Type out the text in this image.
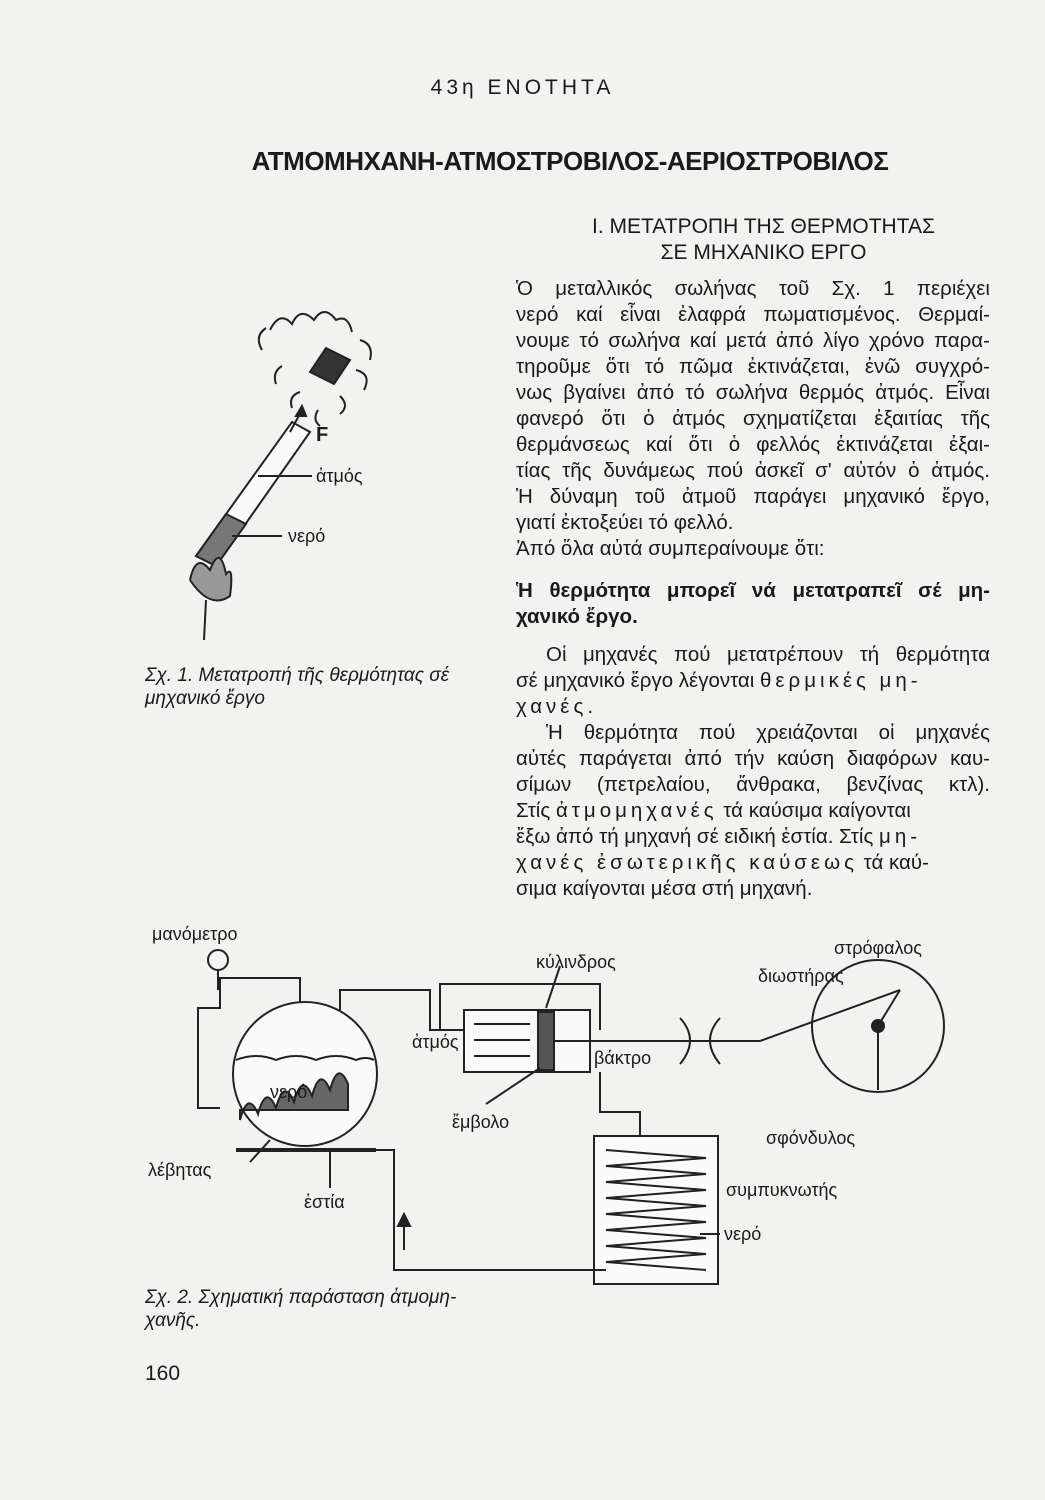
43η ΕΝΟΤΗΤΑ
ΑΤΜΟΜΗΧΑΝΗ-ΑΤΜΟΣΤΡΟΒΙΛΟΣ-ΑΕΡΙΟΣΤΡΟΒΙΛΟΣ
Ι. ΜΕΤΑΤΡΟΠΗ ΤΗΣ ΘΕΡΜΟΤΗΤΑΣ
ΣΕ ΜΗΧΑΝΙΚΟ ΕΡΓΟ
Ὁ μεταλλικός σωλήνας τοῦ Σχ. 1 περιέχει
νερό καί εἶναι ἐλαφρά πωματισμένος. Θερμαί-
νουμε τό σωλήνα καί μετά ἀπό λίγο χρόνο παρα-
τηροῦμε ὅτι τό πῶμα ἐκτινάζεται, ἐνῶ συγχρό-
νως βγαίνει ἀπό τό σωλήνα θερμός ἀτμός. Εἶναι
φανερό ὅτι ὁ ἀτμός σχηματίζεται ἐξαιτίας τῆς
θερμάνσεως καί ὅτι ὁ φελλός ἐκτινάζεται ἐξαι-
τίας τῆς δυνάμεως πού ἀσκεῖ σ' αὐτόν ὁ ἀτμός.
Ἡ δύναμη τοῦ ἀτμοῦ παράγει μηχανικό ἔργο,
γιατί ἐκτοξεύει τό φελλό.
Ἀπό ὅλα αὐτά συμπεραίνουμε ὅτι:
Ἡ θερμότητα μπορεῖ νά μετατραπεῖ σέ μη-
χανικό ἔργο.
Οἱ μηχανές πού μετατρέπουν τή θερμότητα
σέ μηχανικό ἔργο λέγονται θερμικές μη-
χανές.
Ἡ θερμότητα πού χρειάζονται οἱ μηχανές
αὐτές παράγεται ἀπό τήν καύση διαφόρων καυ-
σίμων (πετρελαίου, ἄνθρακα, βενζίνας κτλ).
Στίς ἀτμομηχανές τά καύσιμα καίγονται
ἔξω ἀπό τή μηχανή σέ ειδική ἑστία. Στίς μη-
χανές ἐσωτερικῆς καύσεως τά καύ-
σιμα καίγονται μέσα στή μηχανή.
F
ἀτμός
νερό
Σχ. 1. Μετατροπή τῆς θερμότητας σέ
μηχανικό ἔργο
μανόμετρο
κύλινδρος
στρόφαλος
διωστήρας
ἀτμός
βάκτρο
νερό
ἔμβολο
σφόνδυλος
λέβητας
ἑστία
συμπυκνωτής
νερό
Σχ. 2. Σχηματική παράσταση ἀτμομη-
χανῆς.
160
